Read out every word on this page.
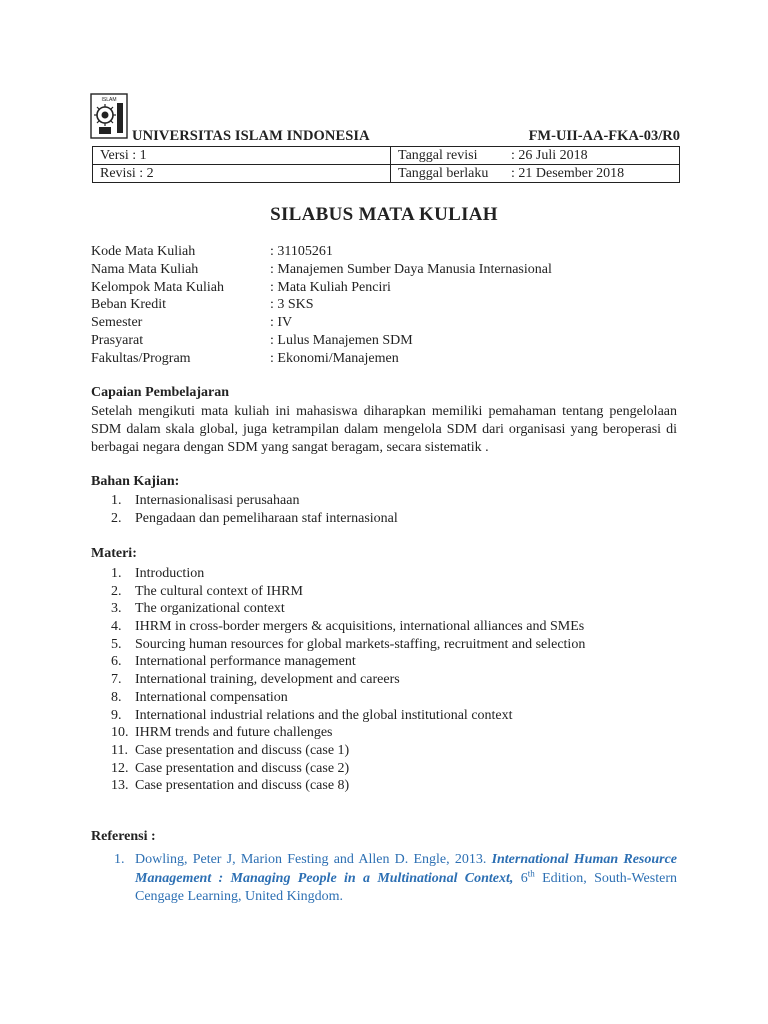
ISLAM
UNIVERSITAS ISLAM INDONESIA	FM-UII-AA-FKA-03/R0
Versi : 1	Tanggal revisi : 26 Juli 2018
Revisi : 2	Tanggal berlaku : 21 Desember 2018
SILABUS MATA KULIAH
Kode Mata Kuliah	: 31105261
Nama Mata Kuliah	: Manajemen Sumber Daya Manusia Internasional
Kelompok Mata Kuliah	: Mata Kuliah Penciri
Beban Kredit	: 3 SKS
Semester	: IV
Prasyarat	: Lulus Manajemen SDM
Fakultas/Program	: Ekonomi/Manajemen
Capaian Pembelajaran
Setelah mengikuti mata kuliah ini mahasiswa diharapkan memiliki pemahaman tentang pengelolaan SDM dalam skala global, juga ketrampilan dalam mengelola SDM dari organisasi yang beroperasi di berbagai negara dengan SDM yang sangat beragam, secara sistematik .
Bahan Kajian:
1. Internasionalisasi perusahaan
2. Pengadaan dan pemeliharaan staf internasional
Materi:
1. Introduction
2. The cultural context of IHRM
3. The organizational context
4. IHRM in cross-border mergers & acquisitions, international alliances and SMEs
5. Sourcing human resources for global markets-staffing, recruitment and selection
6. International performance management
7. International training, development and careers
8. International compensation
9. International industrial relations and the global institutional context
10. IHRM trends and future challenges
11. Case presentation and discuss (case 1)
12. Case presentation and discuss (case 2)
13. Case presentation and discuss (case 8)
Referensi :
1. Dowling, Peter J, Marion Festing and Allen D. Engle, 2013. International Human Resource Management : Managing People in a Multinational Context, 6th Edition, South-Western Cengage Learning, United Kingdom.
